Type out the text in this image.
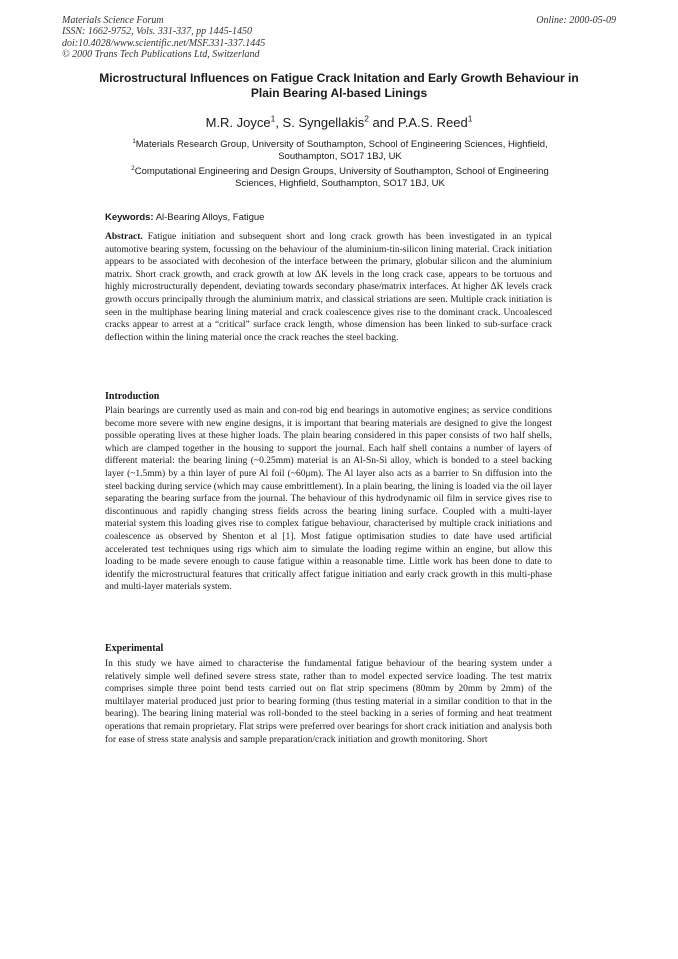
Materials Science Forum
ISSN: 1662-9752, Vols. 331-337, pp 1445-1450
doi:10.4028/www.scientific.net/MSF.331-337.1445
© 2000 Trans Tech Publications Ltd, Switzerland
Online: 2000-05-09
Microstructural Influences on Fatigue Crack Initation and Early Growth Behaviour in Plain Bearing Al-based Linings
M.R. Joyce$^1$, S. Syngellakis$^2$ and P.A.S. Reed$^1$
$^1$Materials Research Group, University of Southampton, School of Engineering Sciences, Highfield, Southampton, SO17 1BJ, UK
$^2$Computational Engineering and Design Groups, University of Southampton, School of Engineering Sciences, Highfield, Southampton, SO17 1BJ, UK
Keywords: Al-Bearing Alloys, Fatigue

Abstract. Fatigue initiation and subsequent short and long crack growth has been investigated in an typical automotive bearing system, focussing on the behaviour of the aluminium-tin-silicon lining material. Crack initiation appears to be associated with decohesion of the interface between the primary, globular silicon and the aluminium matrix. Short crack growth, and crack growth at low ΔK levels in the long crack case, appears to be tortuous and highly microstructurally dependent, deviating towards secondary phase/matrix interfaces. At higher ΔK levels crack growth occurs principally through the aluminium matrix, and classical striations are seen. Multiple crack initiation is seen in the multiphase bearing lining material and crack coalescence gives rise to the dominant crack. Uncoalesced cracks appear to arrest at a “critical” surface crack length, whose dimension has been linked to sub-surface crack deflection within the lining material once the crack reaches the steel backing.

Introduction

Plain bearings are currently used as main and con-rod big end bearings in automotive engines; as service conditions become more severe with new engine designs, it is important that bearing materials are designed to give the longest possible operating lives at these higher loads. The plain bearing considered in this paper consists of two half shells, which are clamped together in the housing to support the journal. Each half shell contains a number of layers of different material: the bearing lining (~0.25mm) material is an Al-Sn-Si alloy, which is bonded to a steel backing layer (~1.5mm) by a thin layer of pure Al foil (~60μm). The Al layer also acts as a barrier to Sn diffusion into the steel backing during service (which may cause embrittlement). In a plain bearing, the lining is loaded via the oil layer separating the bearing surface from the journal. The behaviour of this hydrodynamic oil film in service gives rise to discontinuous and rapidly changing stress fields across the bearing lining surface. Coupled with a multi-layer material system this loading gives rise to complex fatigue behaviour, characterised by multiple crack initiations and coalescence as observed by Shenton et al [1]. Most fatigue optimisation studies to date have used artificial accelerated test techniques using rigs which aim to simulate the loading regime within an engine, but allow this loading to be made severe enough to cause fatigue within a reasonable time. Little work has been done to date to identify the microstructural features that critically affect fatigue initiation and early crack growth in this multi-phase and multi-layer materials system.

Experimental

In this study we have aimed to characterise the fundamental fatigue behaviour of the bearing system under a relatively simple well defined severe stress state, rather than to model expected service loading. The test matrix comprises simple three point bend tests carried out on flat strip specimens (80mm by 20mm by 2mm) of the multilayer material produced just prior to bearing forming (thus testing material in a similar condition to that in the bearing). The bearing lining material was roll-bonded to the steel backing in a series of forming and heat treatment operations that remain proprietary. Flat strips were preferred over bearings for short crack initiation and analysis both for ease of stress state analysis and sample preparation/crack initiation and growth monitoring. Short
